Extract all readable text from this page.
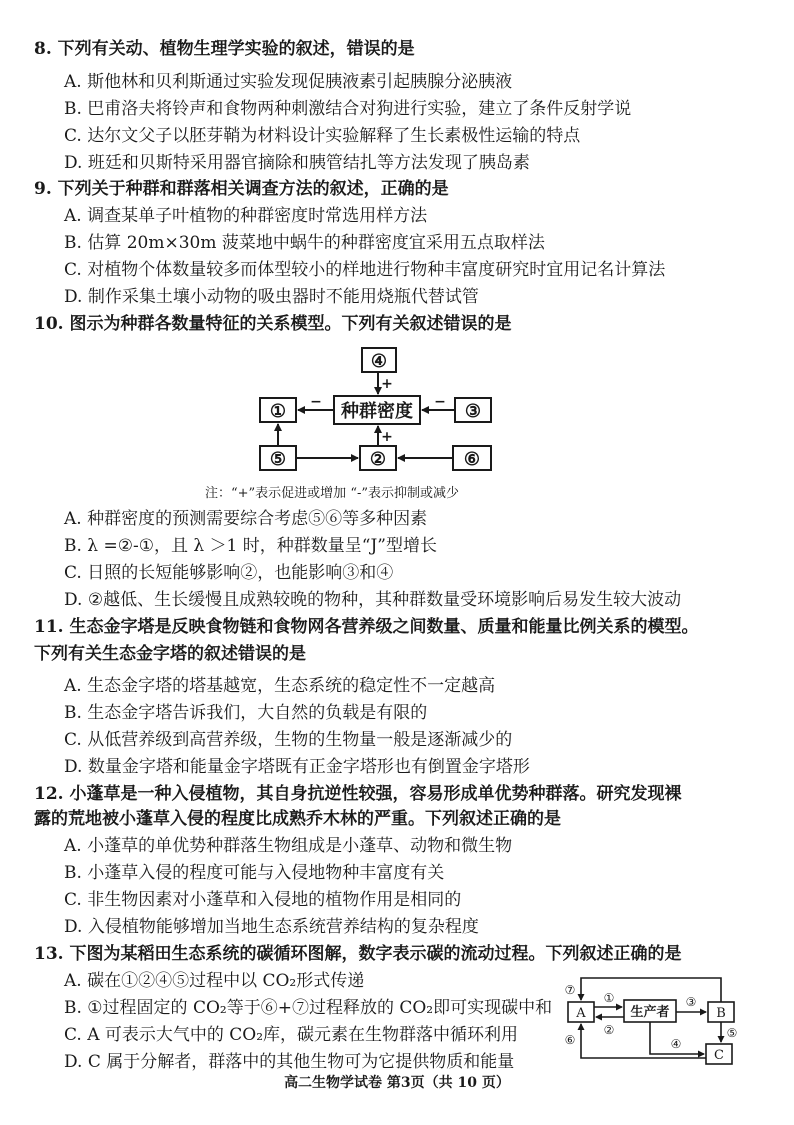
8. 下列有关动、植物生理学实验的叙述，错误的是
A. 斯他林和贝利斯通过实验发现促胰液素引起胰腺分泌胰液
B. 巴甫洛夫将铃声和食物两种刺激结合对狗进行实验，建立了条件反射学说
C. 达尔文父子以胚芽鞘为材料设计实验解释了生长素极性运输的特点
D. 班廷和贝斯特采用器官摘除和胰管结扎等方法发现了胰岛素
9. 下列关于种群和群落相关调查方法的叙述，正确的是
A. 调查某单子叶植物的种群密度时常选用样方法
B. 估算 20m×30m 菠菜地中蜗牛的种群密度宜采用五点取样法
C. 对植物个体数量较多而体型较小的样地进行物种丰富度研究时宜用记名计算法
D. 制作采集土壤小动物的吸虫器时不能用烧瓶代替试管
10. 图示为种群各数量特征的关系模型。下列有关叙述错误的是
④
种群密度
①	③
⑤	②	⑥
+
−	−
+
注：“+”表示促进或增加 “-”表示抑制或减少
A. 种群密度的预测需要综合考虑⑤⑥等多种因素
B. λ =②-①，且 λ ＞1 时，种群数量呈“J”型增长
C. 日照的长短能够影响②，也能影响③和④
D. ②越低、生长缓慢且成熟较晚的物种，其种群数量受环境影响后易发生较大波动
11. 生态金字塔是反映食物链和食物网各营养级之间数量、质量和能量比例关系的模型。
下列有关生态金字塔的叙述错误的是
A. 生态金字塔的塔基越宽，生态系统的稳定性不一定越高
B. 生态金字塔告诉我们，大自然的负载是有限的
C. 从低营养级到高营养级，生物的生物量一般是逐渐减少的
D. 数量金字塔和能量金字塔既有正金字塔形也有倒置金字塔形
12. 小蓬草是一种入侵植物，其自身抗逆性较强，容易形成单优势种群落。研究发现裸
露的荒地被小蓬草入侵的程度比成熟乔木林的严重。下列叙述正确的是
A. 小蓬草的单优势种群落生物组成是小蓬草、动物和微生物
B. 小蓬草入侵的程度可能与入侵地物种丰富度有关
C. 非生物因素对小蓬草和入侵地的植物作用是相同的
D. 入侵植物能够增加当地生态系统营养结构的复杂程度
13. 下图为某稻田生态系统的碳循环图解，数字表示碳的流动过程。下列叙述正确的是
A. 碳在①②④⑤过程中以 CO₂形式传递
B. ①过程固定的 CO₂等于⑥+⑦过程释放的 CO₂即可实现碳中和
C. A 可表示大气中的 CO₂库，碳元素在生物群落中循环利用
D. C 属于分解者，群落中的其他生物可为它提供物质和能量
A	生产者	B
C
①
②
③
④
⑤
⑥
⑦
高二生物学试卷 第3页（共 10 页）
